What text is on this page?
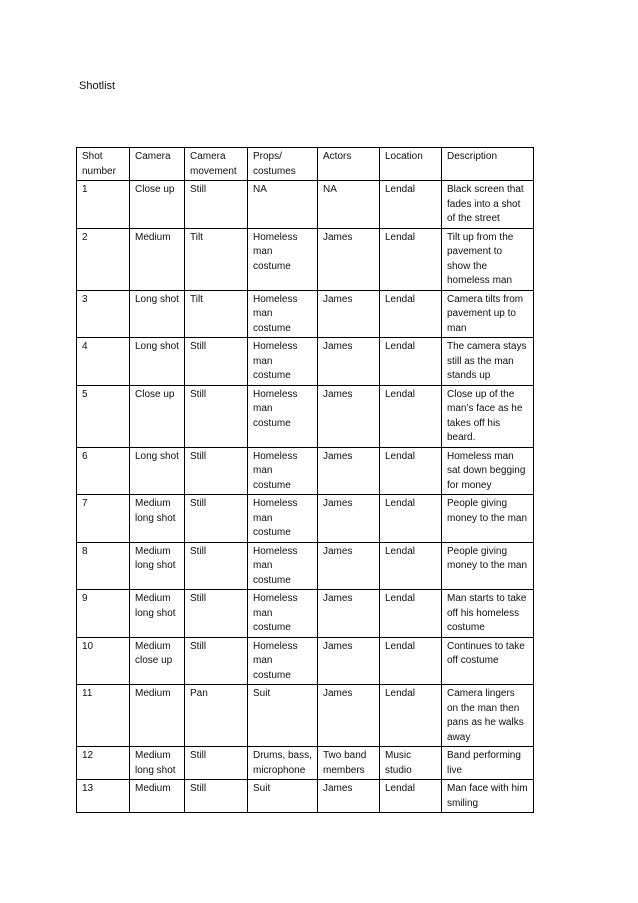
Shotlist
Shot number	Camera	Camera movement	Props/ costumes	Actors	Location	Description
1	Close up	Still	NA	NA	Lendal	Black screen that fades into a shot of the street
2	Medium	Tilt	Homeless man costume	James	Lendal	Tilt up from the pavement to show the homeless man
3	Long shot	Tilt	Homeless man costume	James	Lendal	Camera tilts from pavement up to man
4	Long shot	Still	Homeless man costume	James	Lendal	The camera stays still as the man stands up
5	Close up	Still	Homeless man costume	James	Lendal	Close up of the man’s face as he takes off his beard.
6	Long shot	Still	Homeless man costume	James	Lendal	Homeless man sat down begging for money
7	Medium long shot	Still	Homeless man costume	James	Lendal	People giving money to the man
8	Medium long shot	Still	Homeless man costume	James	Lendal	People giving money to the man
9	Medium long shot	Still	Homeless man costume	James	Lendal	Man starts to take off his homeless costume
10	Medium close up	Still	Homeless man costume	James	Lendal	Continues to take off costume
11	Medium	Pan	Suit	James	Lendal	Camera lingers on the man then pans as he walks away
12	Medium long shot	Still	Drums, bass, microphone	Two band members	Music studio	Band performing live
13	Medium	Still	Suit	James	Lendal	Man face with him smiling
